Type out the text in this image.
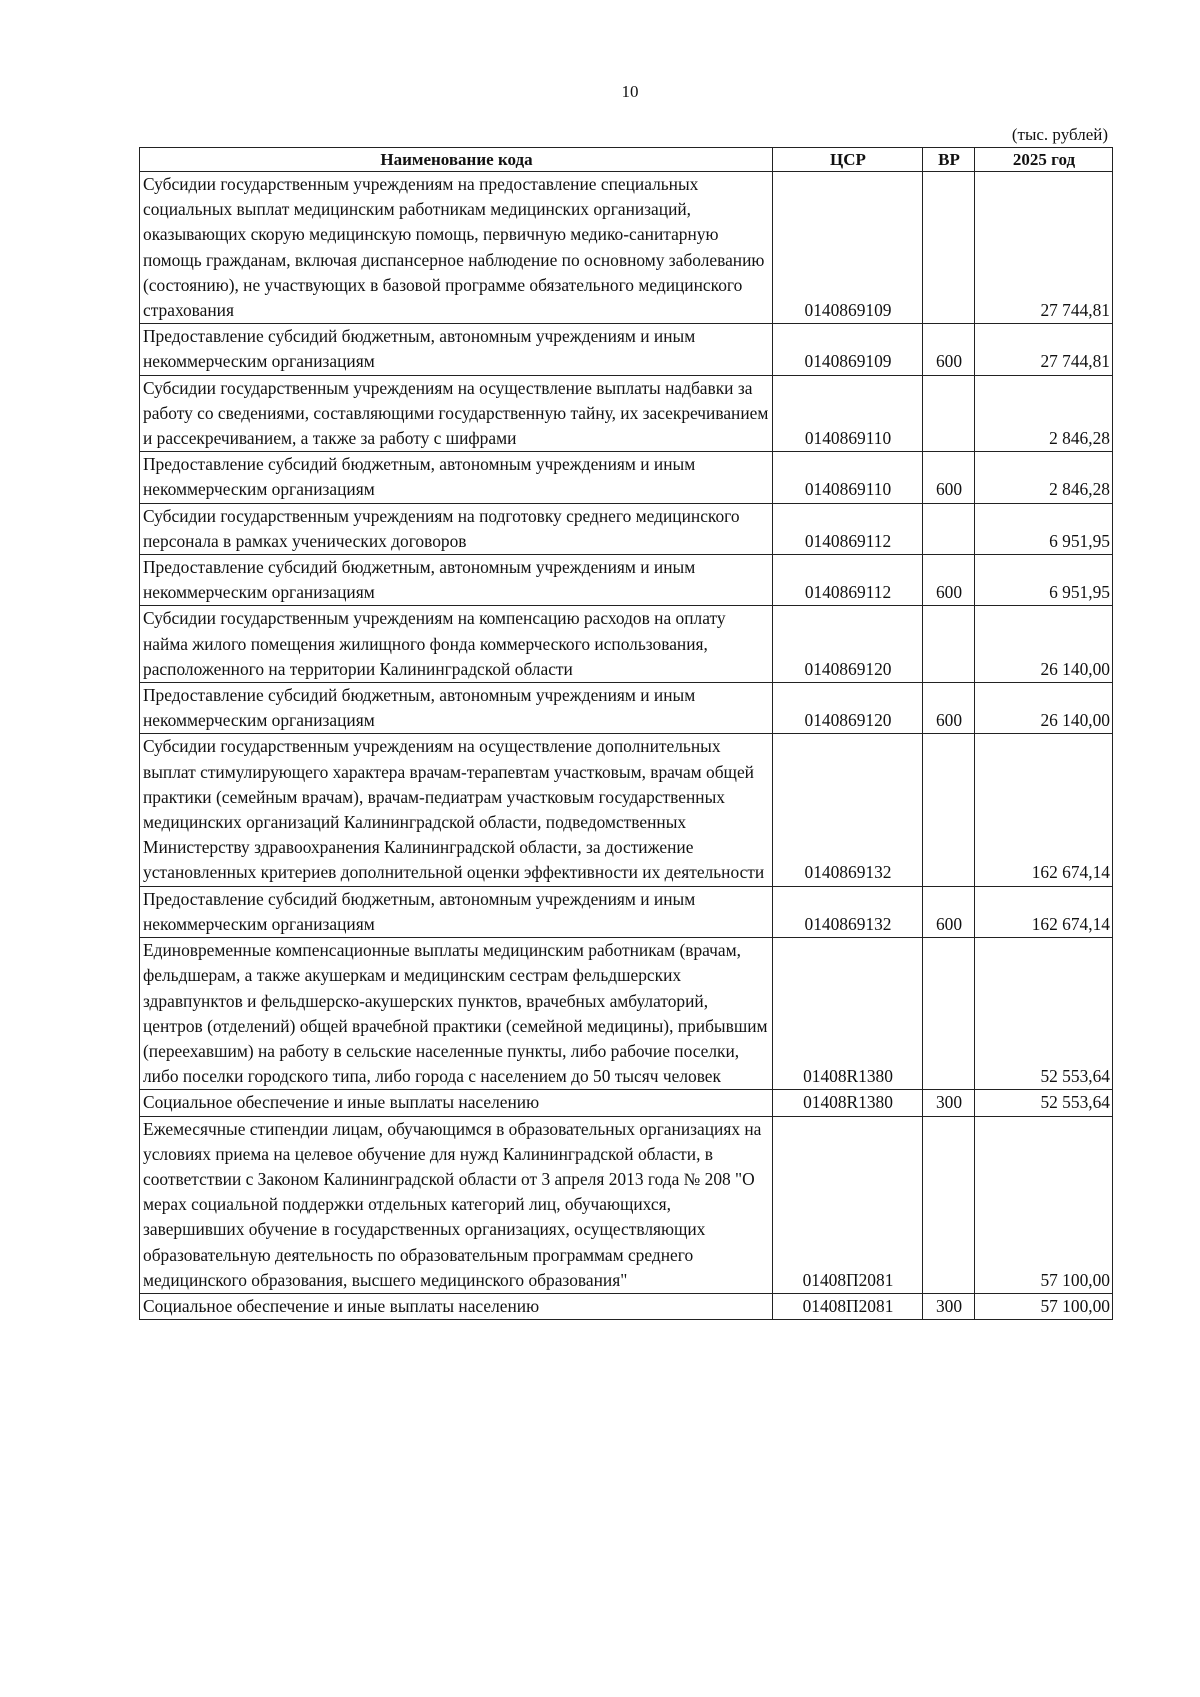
10
(тыс. рублей)
Наименование кода	ЦСР	ВР	2025 год
Субсидии государственным учреждениям на предоставление специальных социальных выплат медицинским работникам медицинских организаций, оказывающих скорую медицинскую помощь, первичную медико-санитарную помощь гражданам, включая диспансерное наблюдение по основному заболеванию (состоянию), не участвующих в базовой программе обязательного медицинского страхования	0140869109		27 744,81
Предоставление субсидий бюджетным, автономным учреждениям и иным некоммерческим организациям	0140869109	600	27 744,81
Субсидии государственным учреждениям на осуществление выплаты надбавки за работу со сведениями, составляющими государственную тайну, их засекречиванием и рассекречиванием, а также за работу с шифрами	0140869110		2 846,28
Предоставление субсидий бюджетным, автономным учреждениям и иным некоммерческим организациям	0140869110	600	2 846,28
Субсидии государственным учреждениям на подготовку среднего медицинского персонала в рамках ученических договоров	0140869112		6 951,95
Предоставление субсидий бюджетным, автономным учреждениям и иным некоммерческим организациям	0140869112	600	6 951,95
Субсидии государственным учреждениям на компенсацию расходов на оплату найма жилого помещения жилищного фонда коммерческого использования, расположенного на территории Калининградской области	0140869120		26 140,00
Предоставление субсидий бюджетным, автономным учреждениям и иным некоммерческим организациям	0140869120	600	26 140,00
Субсидии государственным учреждениям на осуществление дополнительных выплат стимулирующего характера врачам-терапевтам участковым, врачам общей практики (семейным врачам), врачам-педиатрам участковым государственных медицинских организаций Калининградской области, подведомственных Министерству здравоохранения Калининградской области, за достижение установленных критериев дополнительной оценки эффективности их деятельности	0140869132		162 674,14
Предоставление субсидий бюджетным, автономным учреждениям и иным некоммерческим организациям	0140869132	600	162 674,14
Единовременные компенсационные выплаты медицинским работникам (врачам, фельдшерам, а также акушеркам и медицинским сестрам фельдшерских здравпунктов и фельдшерско-акушерских пунктов, врачебных амбулаторий, центров (отделений) общей врачебной практики (семейной медицины), прибывшим (переехавшим) на работу в сельские населенные пункты, либо рабочие поселки, либо поселки городского типа, либо города с населением до 50 тысяч человек	01408R1380		52 553,64
Социальное обеспечение и иные выплаты населению	01408R1380	300	52 553,64
Ежемесячные стипендии лицам, обучающимся в образовательных организациях на условиях приема на целевое обучение для нужд Калининградской области, в соответствии с Законом Калининградской области от 3 апреля 2013 года № 208 "О мерах социальной поддержки отдельных категорий лиц, обучающихся, завершивших обучение в государственных организациях, осуществляющих образовательную деятельность по образовательным программам среднего медицинского образования, высшего медицинского образования"	01408П2081		57 100,00
Социальное обеспечение и иные выплаты населению	01408П2081	300	57 100,00
